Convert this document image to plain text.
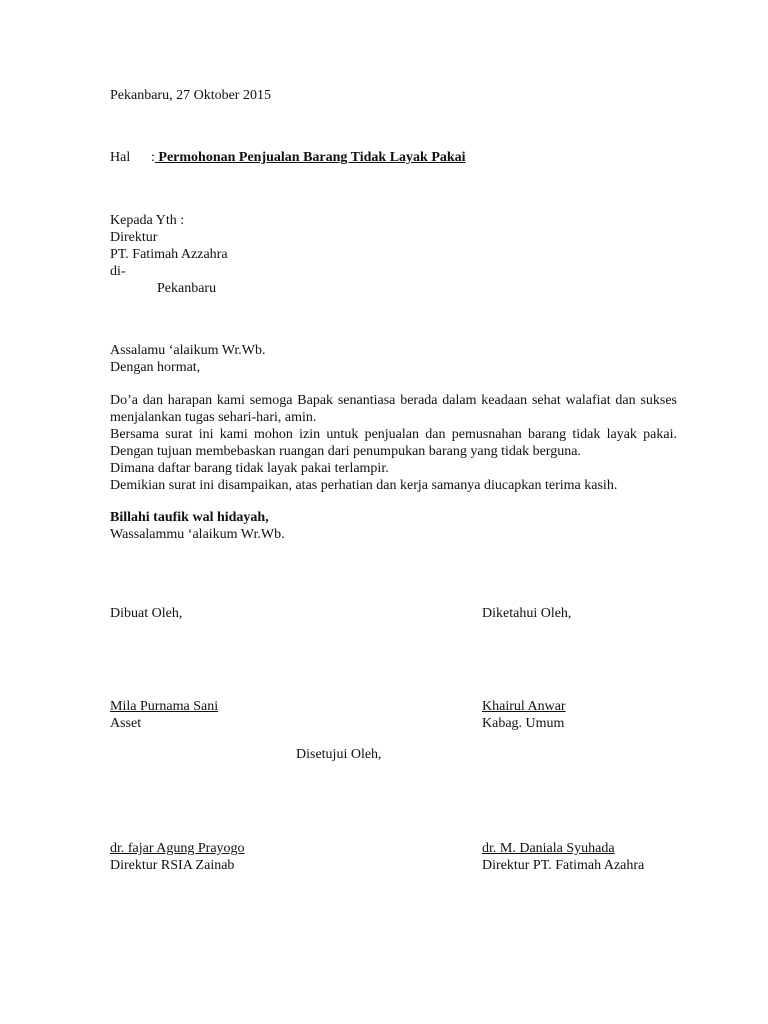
Pekanbaru, 27 Oktober 2015
Hal : Permohonan Penjualan Barang Tidak Layak Pakai
Kepada Yth :
Direktur
PT. Fatimah Azzahra
di-
Pekanbaru
Assalamu ‘alaikum Wr.Wb.
Dengan hormat,

Do’a dan harapan kami semoga Bapak senantiasa berada dalam keadaan sehat walafiat dan sukses menjalankan tugas sehari-hari, amin.

Bersama surat ini kami mohon izin untuk penjualan dan pemusnahan barang tidak layak pakai. Dengan tujuan membebaskan ruangan dari penumpukan barang yang tidak berguna.

Dimana daftar barang tidak layak pakai terlampir.

Demikian surat ini disampaikan, atas perhatian dan kerja samanya diucapkan terima kasih.

Billahi taufik wal hidayah,
Wassalammu ‘alaikum Wr.Wb.
Dibuat Oleh,	Diketahui Oleh,
Mila Purnama Sani
Asset
Khairul Anwar
Kabag. Umum
Disetujui Oleh,
dr. fajar Agung Prayogo
Direktur RSIA Zainab
dr. M. Daniala Syuhada
Direktur PT. Fatimah Azahra
